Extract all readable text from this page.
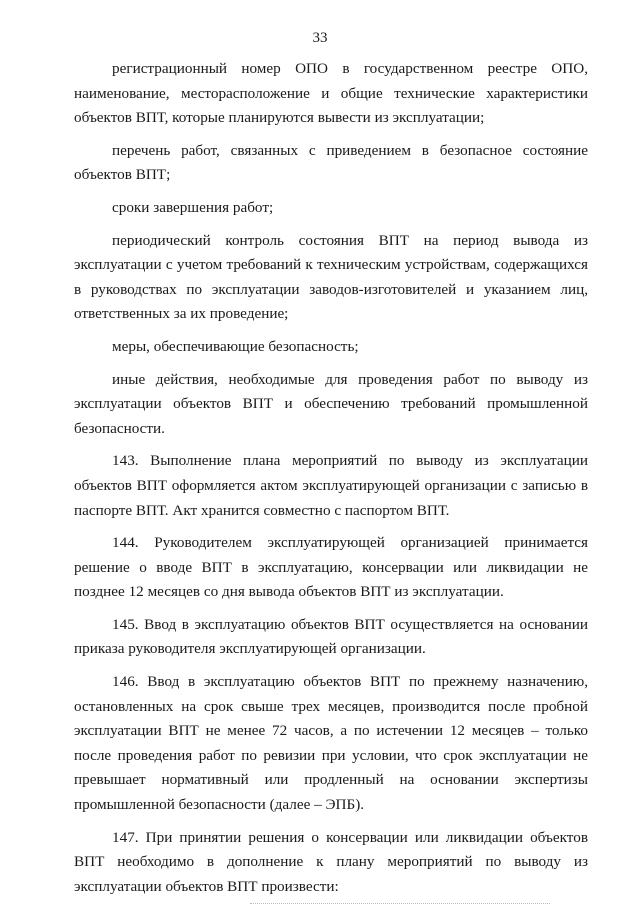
33

регистрационный номер ОПО в государственном реестре ОПО, наименование, месторасположение и общие технические характеристики объектов ВПТ, которые планируются вывести из эксплуатации;

перечень работ, связанных с приведением в безопасное состояние объектов ВПТ;

сроки завершения работ;

периодический контроль состояния ВПТ на период вывода из эксплуатации с учетом требований к техническим устройствам, содержащихся в руководствах по эксплуатации заводов-изготовителей и указанием лиц, ответственных за их проведение;

меры, обеспечивающие безопасность;

иные действия, необходимые для проведения работ по выводу из эксплуатации объектов ВПТ и обеспечению требований промышленной безопасности.

143. Выполнение плана мероприятий по выводу из эксплуатации объектов ВПТ оформляется актом эксплуатирующей организации с записью в паспорте ВПТ. Акт хранится совместно с паспортом ВПТ.

144. Руководителем эксплуатирующей организацией принимается решение о вводе ВПТ в эксплуатацию, консервации или ликвидации не позднее 12 месяцев со дня вывода объектов ВПТ из эксплуатации.

145. Ввод в эксплуатацию объектов ВПТ осуществляется на основании приказа руководителя эксплуатирующей организации.

146. Ввод в эксплуатацию объектов ВПТ по прежнему назначению, остановленных на срок свыше трех месяцев, производится после пробной эксплуатации ВПТ не менее 72 часов, а по истечении 12 месяцев – только после проведения работ по ревизии при условии, что срок эксплуатации не превышает нормативный или продленный на основании экспертизы промышленной безопасности (далее – ЭПБ).

147. При принятии решения о консервации или ликвидации объектов ВПТ необходимо в дополнение к плану мероприятий по выводу из эксплуатации объектов ВПТ произвести:
